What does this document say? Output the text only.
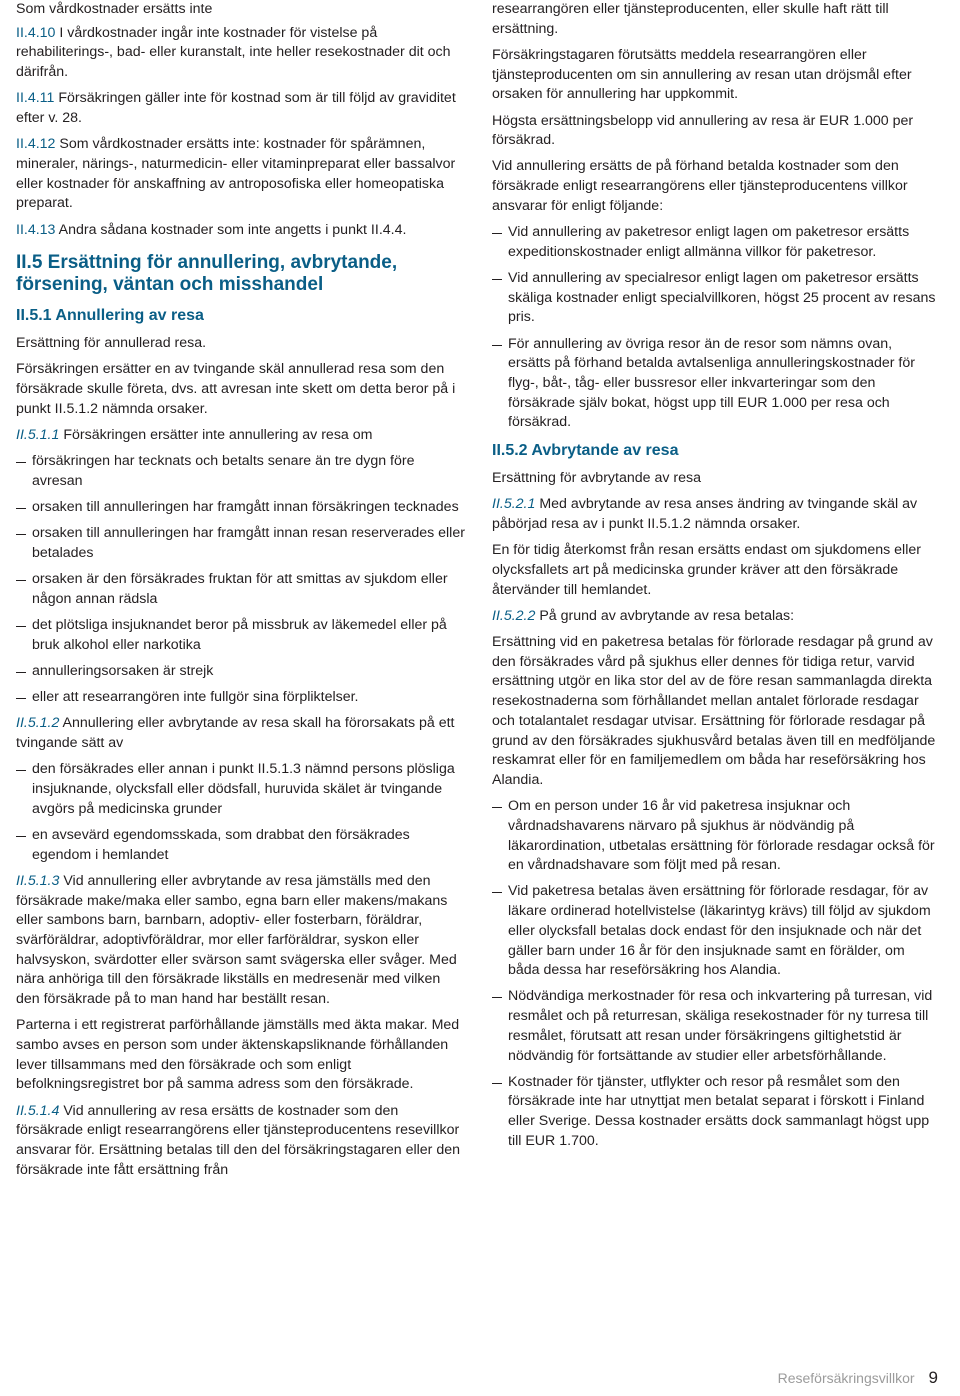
Som vårdkostnader ersätts inte

II.4.10 I vårdkostnader ingår inte kostnader för vistelse på rehabiliterings-, bad- eller kuranstalt, inte heller resekostnader dit och därifrån.

II.4.11 Försäkringen gäller inte för kostnad som är till följd av graviditet efter v. 28.

II.4.12 Som vårdkostnader ersätts inte: kostnader för spårämnen, mineraler, närings-, naturmedicin- eller vitaminpreparat eller bassalvor eller kostnader för anskaffning av antroposofiska eller homeopatiska preparat.

II.4.13 Andra sådana kostnader som inte angetts i punkt II.4.4.

II.5 Ersättning för annullering, avbrytande, försening, väntan och misshandel
II.5.1 Annullering av resa

Ersättning för annullerad resa.

Försäkringen ersätter en av tvingande skäl annullerad resa som den försäkrade skulle företa, dvs. att avresan inte skett om detta beror på i punkt II.5.1.2 nämnda orsaker.

II.5.1.1 Försäkringen ersätter inte annullering av resa om

försäkringen har tecknats och betalts senare än tre dygn före avresan
orsaken till annulleringen har framgått innan försäkringen tecknades
orsaken till annulleringen har framgått innan resan reserverades eller betalades
orsaken är den försäkrades fruktan för att smittas av sjukdom eller någon annan rädsla
det plötsliga insjuknandet beror på missbruk av läkemedel eller på bruk alkohol eller narkotika
annulleringsorsaken är strejk
eller att researrangören inte fullgör sina förpliktelser.

II.5.1.2 Annullering eller avbrytande av resa skall ha förorsakats på ett tvingande sätt av

den försäkrades eller annan i punkt II.5.1.3 nämnd persons plösliga insjuknande, olycksfall eller dödsfall, huruvida skälet är tvingande avgörs på medicinska grunder
en avsevärd egendomsskada, som drabbat den försäkrades egendom i hemlandet

II.5.1.3 Vid annullering eller avbrytande av resa jämställs med den försäkrade make/maka eller sambo, egna barn eller makens/makans eller sambons barn, barnbarn, adoptiv- eller fosterbarn, föräldrar, svärföräldrar, adoptivföräldrar, mor eller farföräldrar, syskon eller halvsyskon, svärdotter eller svärson samt svägerska eller svåger. Med nära anhöriga till den försäkrade likställs en medresenär med vilken den försäkrade på to man hand har beställt resan.

Parterna i ett registrerat parförhållande jämställs med äkta makar. Med sambo avses en person som under äktenskapsliknande förhållanden lever tillsammans med den försäkrade och som enligt befolkningsregistret bor på samma adress som den försäkrade.

II.5.1.4 Vid annullering av resa ersätts de kostnader som den försäkrade enligt researrangörens eller tjänsteproducentens resevillkor ansvarar för. Ersättning betalas till den del försäkringstagaren eller den försäkrade inte fått ersättning från

researrangören eller tjänsteproducenten, eller skulle haft rätt till ersättning.

Försäkringstagaren förutsätts meddela researrangören eller tjänsteproducenten om sin annullering av resan utan dröjsmål efter orsaken för annullering har uppkommit.

Högsta ersättningsbelopp vid annullering av resa är EUR 1.000 per försäkrad.

Vid annullering ersätts de på förhand betalda kostnader som den försäkrade enligt researrangörens eller tjänsteproducentens villkor ansvarar för enligt följande:

Vid annullering av paketresor enligt lagen om paketresor ersätts expeditionskostnader enligt allmänna villkor för paketresor.
Vid annullering av specialresor enligt lagen om paketresor ersätts skäliga kostnader enligt specialvillkoren, högst 25 procent av resans pris.
För annullering av övriga resor än de resor som nämns ovan, ersätts på förhand betalda avtalsenliga annulleringskostnader för flyg-, båt-, tåg- eller bussresor eller inkvarteringar som den försäkrade själv bokat, högst upp till EUR 1.000 per resa och försäkrad.
II.5.2 Avbrytande av resa

Ersättning för avbrytande av resa

II.5.2.1 Med avbrytande av resa anses ändring av tvingande skäl av påbörjad resa av i punkt II.5.1.2 nämnda orsaker.

En för tidig återkomst från resan ersätts endast om sjukdomens eller olycksfallets art på medicinska grunder kräver att den försäkrade återvänder till hemlandet.

II.5.2.2 På grund av avbrytande av resa betalas:

Ersättning vid en paketresa betalas för förlorade resdagar på grund av den försäkrades vård på sjukhus eller dennes för tidiga retur, varvid ersättning utgör en lika stor del av de före resan sammanlagda direkta resekostnaderna som förhållandet mellan antalet förlorade resdagar och totalantalet resdagar utvisar. Ersättning för förlorade resdagar på grund av den försäkrades sjukhusvård betalas även till en medföljande reskamrat eller för en familjemedlem om båda har reseförsäkring hos Alandia.

Om en person under 16 år vid paketresa insjuknar och vårdnadshavarens närvaro på sjukhus är nödvändig på läkarordination, utbetalas ersättning för förlorade resdagar också för en vårdnadshavare som följt med på resan.
Vid paketresa betalas även ersättning för förlorade resdagar, för av läkare ordinerad hotellvistelse (läkarintyg krävs) till följd av sjukdom eller olycksfall betalas dock endast för den insjuknade och när det gäller barn under 16 år för den insjuknade samt en förälder, om båda dessa har reseförsäkring hos Alandia.
Nödvändiga merkostnader för resa och inkvartering på turresan, vid resmålet och på returresan, skäliga resekostnader för ny turresa till resmålet, förutsatt att resan under försäkringens giltighetstid är nödvändig för fortsättande av studier eller arbetsförhållande.
Kostnader för tjänster, utflykter och resor på resmålet som den försäkrade inte har utnyttjat men betalat separat i förskott i Finland eller Sverige. Dessa kostnader ersätts dock sammanlagt högst upp till EUR 1.700.
Reseförsäkringsvillkor 9
